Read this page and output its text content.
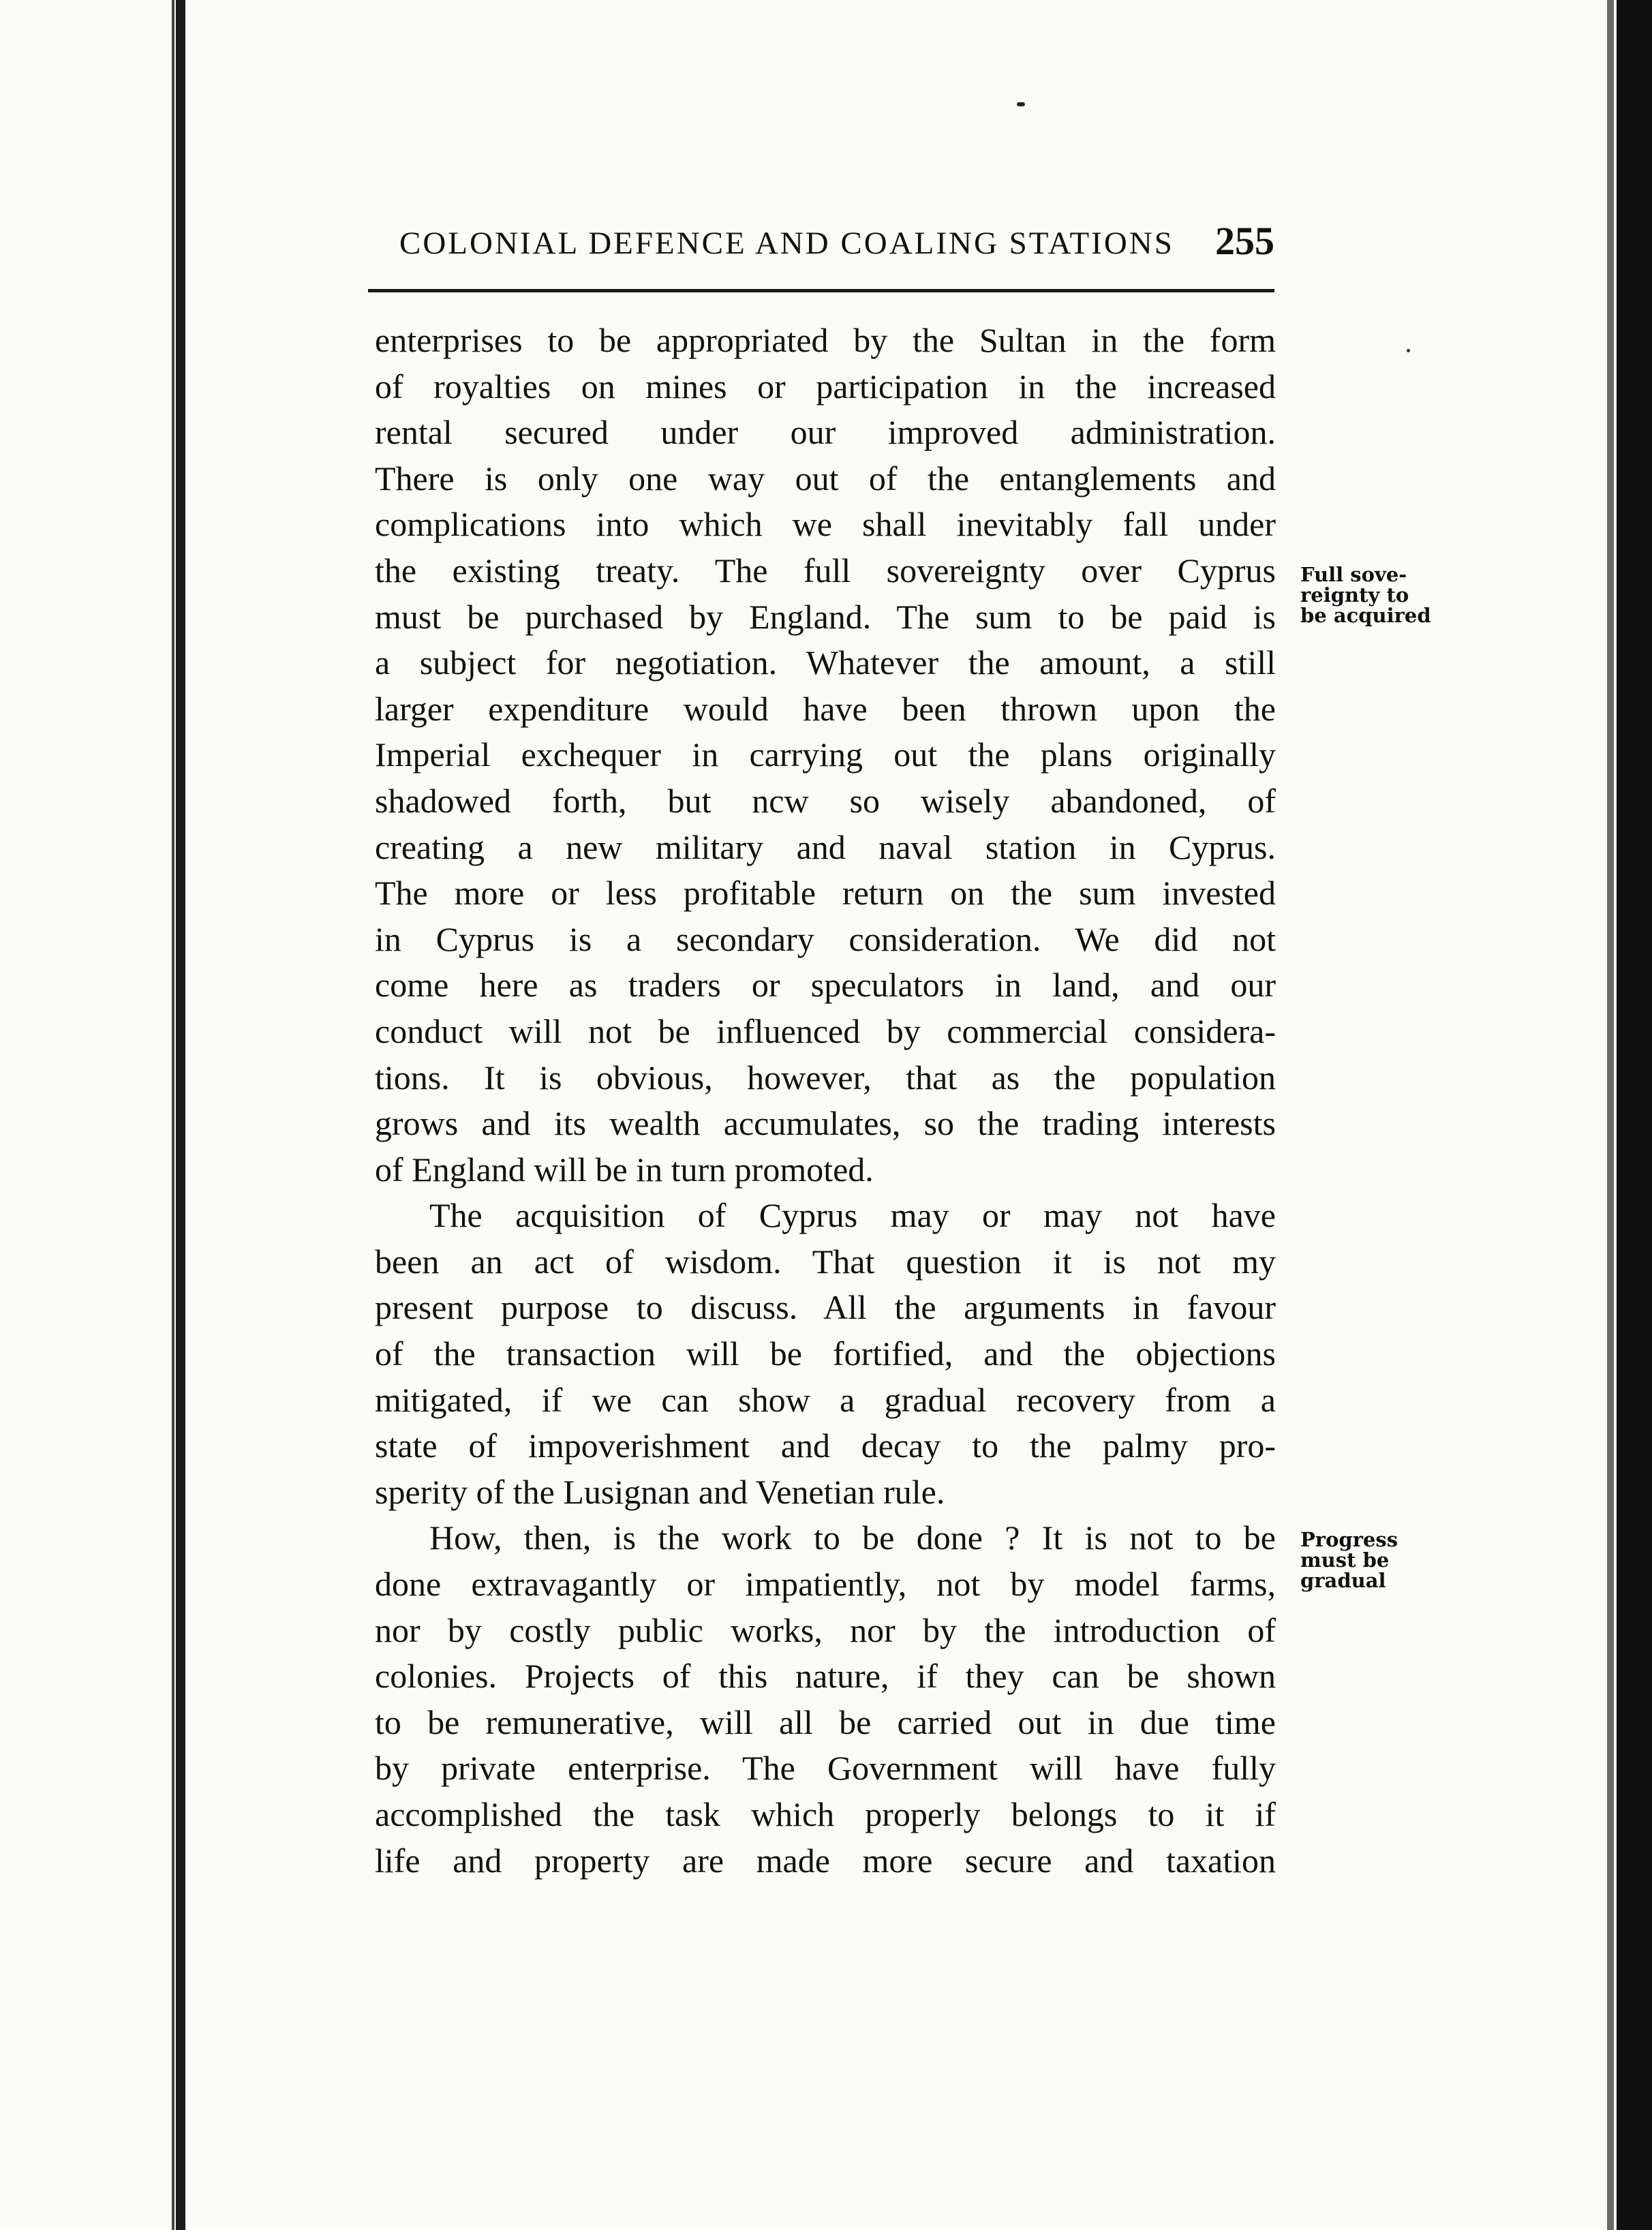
COLONIAL DEFENCE AND COALING STATIONS 255
enterprises to be appropriated by the Sultan in the form
of royalties on mines or participation in the increased
rental secured under our improved administration.
There is only one way out of the entanglements and
complications into which we shall inevitably fall under
the existing treaty. The full sovereignty over Cyprus
must be purchased by England. The sum to be paid is
a subject for negotiation. Whatever the amount, a still
larger expenditure would have been thrown upon the
Imperial exchequer in carrying out the plans originally
shadowed forth, but ncw so wisely abandoned, of
creating a new military and naval station in Cyprus.
The more or less profitable return on the sum invested
in Cyprus is a secondary consideration. We did not
come here as traders or speculators in land, and our
conduct will not be influenced by commercial considera-
tions. It is obvious, however, that as the population
grows and its wealth accumulates, so the trading interests
of England will be in turn promoted.
The acquisition of Cyprus may or may not have
been an act of wisdom. That question it is not my
present purpose to discuss. All the arguments in favour
of the transaction will be fortified, and the objections
mitigated, if we can show a gradual recovery from a
state of impoverishment and decay to the palmy pro-
sperity of the Lusignan and Venetian rule.
How, then, is the work to be done ? It is not to be
done extravagantly or impatiently, not by model farms,
nor by costly public works, nor by the introduction of
colonies. Projects of this nature, if they can be shown
to be remunerative, will all be carried out in due time
by private enterprise. The Government will have fully
accomplished the task which properly belongs to it if
life and property are made more secure and taxation
Full sove-
reignty to
be acquired
Progress
must be
gradual
